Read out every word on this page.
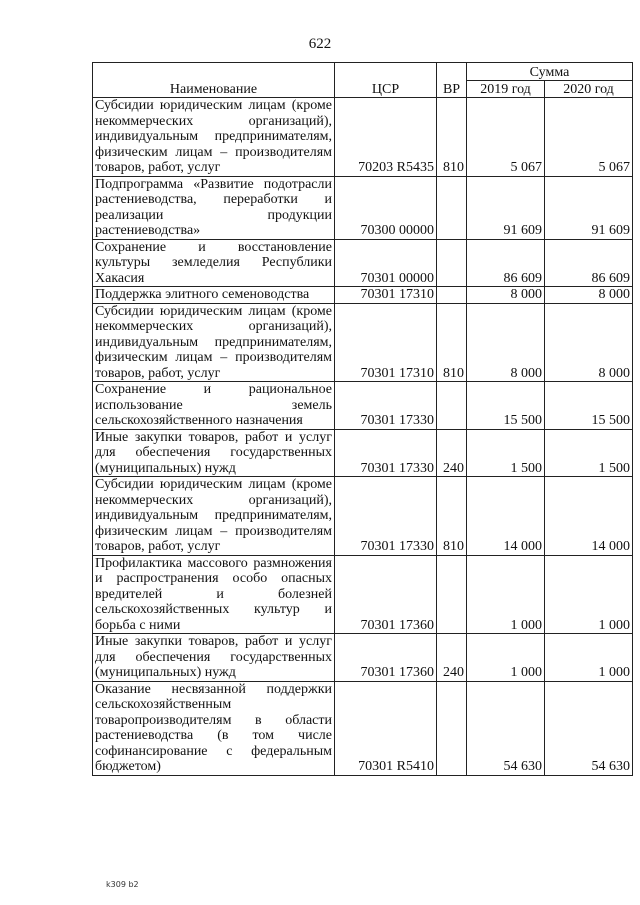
622
Наименование	ЦСР	ВР	Сумма	
			2019 год	2020 год
Субсидии юридическим лицам (кроме некоммерческих организаций), индивидуальным предпринимателям, физическим лицам – производителям товаров, работ, услуг	70203 R5435	810	5 067	5 067
Подпрограмма «Развитие подотрасли растениеводства, переработки и реализации продукции растениеводства»	70300 00000		91 609	91 609
Сохранение и восстановление культуры земледелия Республики Хакасия	70301 00000		86 609	86 609
Поддержка элитного семеноводства	70301 17310		8 000	8 000
Субсидии юридическим лицам (кроме некоммерческих организаций), индивидуальным предпринимателям, физическим лицам – производителям товаров, работ, услуг	70301 17310	810	8 000	8 000
Сохранение и рациональное использование земель сельскохозяйственного назначения	70301 17330		15 500	15 500
Иные закупки товаров, работ и услуг для обеспечения государственных (муниципальных) нужд	70301 17330	240	1 500	1 500
Субсидии юридическим лицам (кроме некоммерческих организаций), индивидуальным предпринимателям, физическим лицам – производителям товаров, работ, услуг	70301 17330	810	14 000	14 000
Профилактика массового размножения и распространения особо опасных вредителей и болезней сельскохозяйственных культур и борьба с ними	70301 17360		1 000	1 000
Иные закупки товаров, работ и услуг для обеспечения государственных (муниципальных) нужд	70301 17360	240	1 000	1 000
Оказание несвязанной поддержки сельскохозяйственным товаропроизводителям в области растениеводства (в том числе софинансирование с федеральным бюджетом)	70301 R5410		54 630	54 630
k309 b2
